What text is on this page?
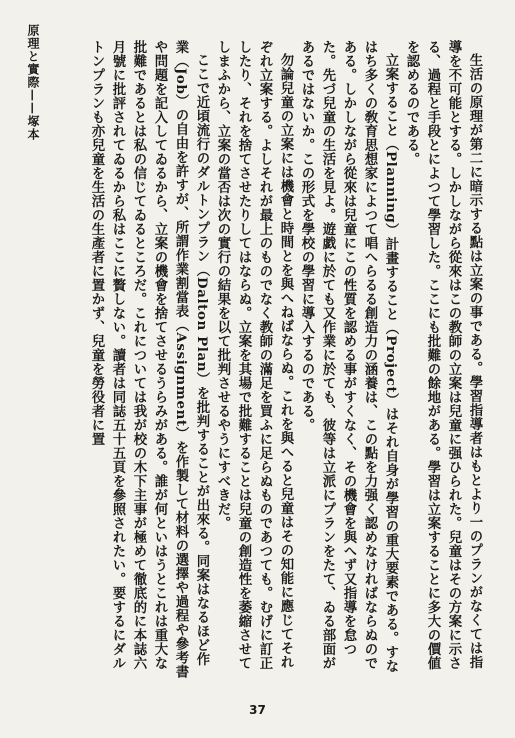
原理と實際——塚本	生活の原理が第二に暗示する點は立案の事である。學習指導者はもとより一のプランがなくては指導を不可能とする。しかしながら從來はこの教師の立案は兒童に强ひられた。兒童はその方案に示さる、過程と手段とによつて學習した。ここにも批難の餘地がある。學習は立案することに多大の價値を認めるのである。

立案すること（Planning）計畫すること（Project）はそれ自身が學習の重大要素である。すなはち多くの敎育思想家によつて唱へらるる創造力の涵養は、この點を力强く認めなければならぬのである。しかしながら從來は兒童にこの性質を認める事がすくなく、その機會を與へず又指導を怠つた。先づ兒童の生活を見よ。遊戯に於ても又作業に於ても、彼等は立派にプランをたて、ゐる部面があるではないか。この形式を學校の學習に導入するのである。

勿論兒童の立案には機會と時間とを與へねばならぬ。これを與へると兒童はその知能に應じてそれぞれ立案する。よしそれが最上のものでなく教師の滿足を買ふに足らぬものであつても。むげに訂正したり、それを捨てさせたりしてはならぬ。立案を其場で批難することは兒童の創造性を萎縮させてしまふから、立案の當否は次の實行の結果を以て批判させるやうにすべきだ。

ここで近頃流行のダルトンプラン（Dalton Plan）を批判することが出來る。同案はなるほど作業（Job）の自由を許すが、所謂作業割當表（Assignment）を作製して材料の選擇や過程や參考書や問題を記入してゐるから、立案の機會を捨てさせるうらみがある。誰が何といはうとこれは重大な批難であるとは私の信じてゐるところだ。これについては我が校の木下主事が極めて徹底的に本誌六月號に批評されてゐるから私はここに贅しない。讀者は同誌五十五頁を參照されたい。要するにダルトンプランも亦兒童を生活の生產者に置かず、兒童を勞役者に置

37
